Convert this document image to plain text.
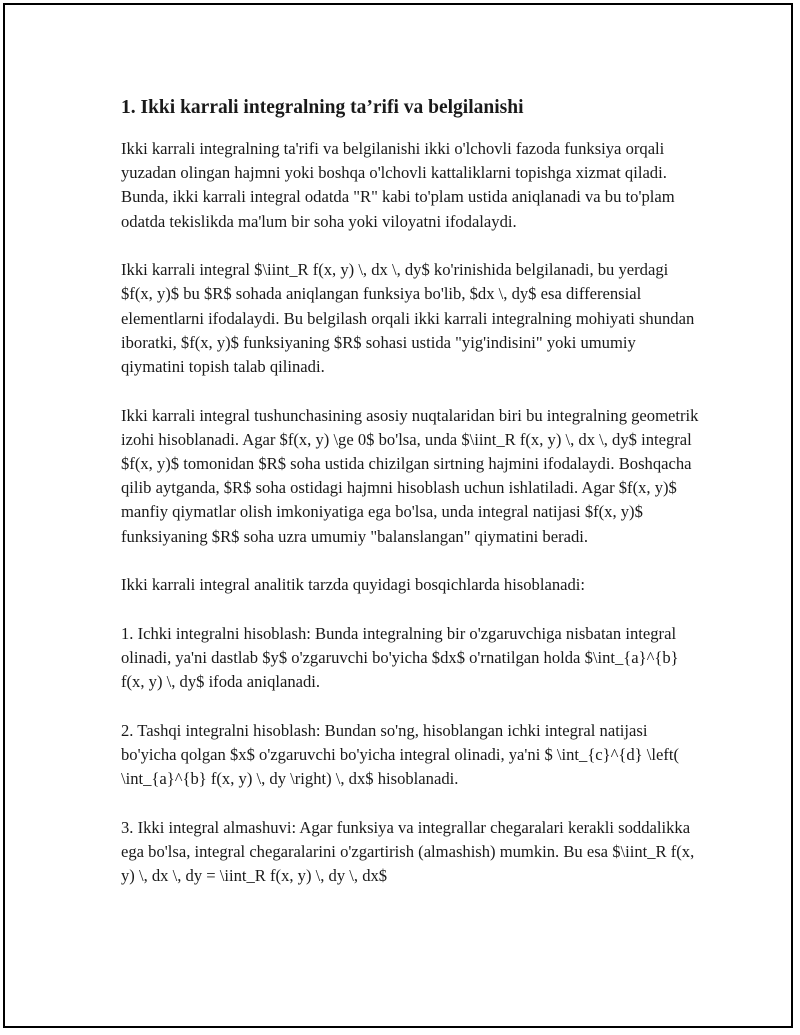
1. Ikki karrali integralning ta’rifi va belgilanishi

Ikki karrali integralning ta'rifi va belgilanishi ikki o'lchovli fazoda funksiya orqali yuzadan olingan hajmni yoki boshqa o'lchovli kattaliklarni topishga xizmat qiladi. Bunda, ikki karrali integral odatda "R" kabi to'plam ustida aniqlanadi va bu to'plam odatda tekislikda ma'lum bir soha yoki viloyatni ifodalaydi.

Ikki karrali integral $\iint_R f(x, y) \, dx \, dy$ ko'rinishida belgilanadi, bu yerdagi $f(x, y)$ bu $R$ sohada aniqlangan funksiya bo'lib, $dx \, dy$ esa differensial elementlarni ifodalaydi. Bu belgilash orqali ikki karrali integralning mohiyati shundan iboratki, $f(x, y)$ funksiyaning $R$ sohasi ustida "yig'indisini" yoki umumiy qiymatini topish talab qilinadi.

Ikki karrali integral tushunchasining asosiy nuqtalaridan biri bu integralning geometrik izohi hisoblanadi. Agar $f(x, y) \ge 0$ bo'lsa, unda $\iint_R f(x, y) \, dx \, dy$ integral $f(x, y)$ tomonidan $R$ soha ustida chizilgan sirtning hajmini ifodalaydi. Boshqacha qilib aytganda, $R$ soha ostidagi hajmni hisoblash uchun ishlatiladi. Agar $f(x, y)$ manfiy qiymatlar olish imkoniyatiga ega bo'lsa, unda integral natijasi $f(x, y)$ funksiyaning $R$ soha uzra umumiy "balanslangan" qiymatini beradi.

Ikki karrali integral analitik tarzda quyidagi bosqichlarda hisoblanadi:

1. Ichki integralni hisoblash: Bunda integralning bir o'zgaruvchiga nisbatan integral olinadi, ya'ni dastlab $y$ o'zgaruvchi bo'yicha $dx$ o'rnatilgan holda $\int_{a}^{b} f(x, y) \, dy$ ifoda aniqlanadi.

2. Tashqi integralni hisoblash: Bundan so'ng, hisoblangan ichki integral natijasi bo'yicha qolgan $x$ o'zgaruvchi bo'yicha integral olinadi, ya'ni $ \int_{c}^{d} \left( \int_{a}^{b} f(x, y) \, dy \right) \, dx$ hisoblanadi.

3. Ikki integral almashuvi: Agar funksiya va integrallar chegaralari kerakli soddalikka ega bo'lsa, integral chegaralarini o'zgartirish (almashish) mumkin. Bu esa $\iint_R f(x, y) \, dx \, dy = \iint_R f(x, y) \, dy \, dx$
